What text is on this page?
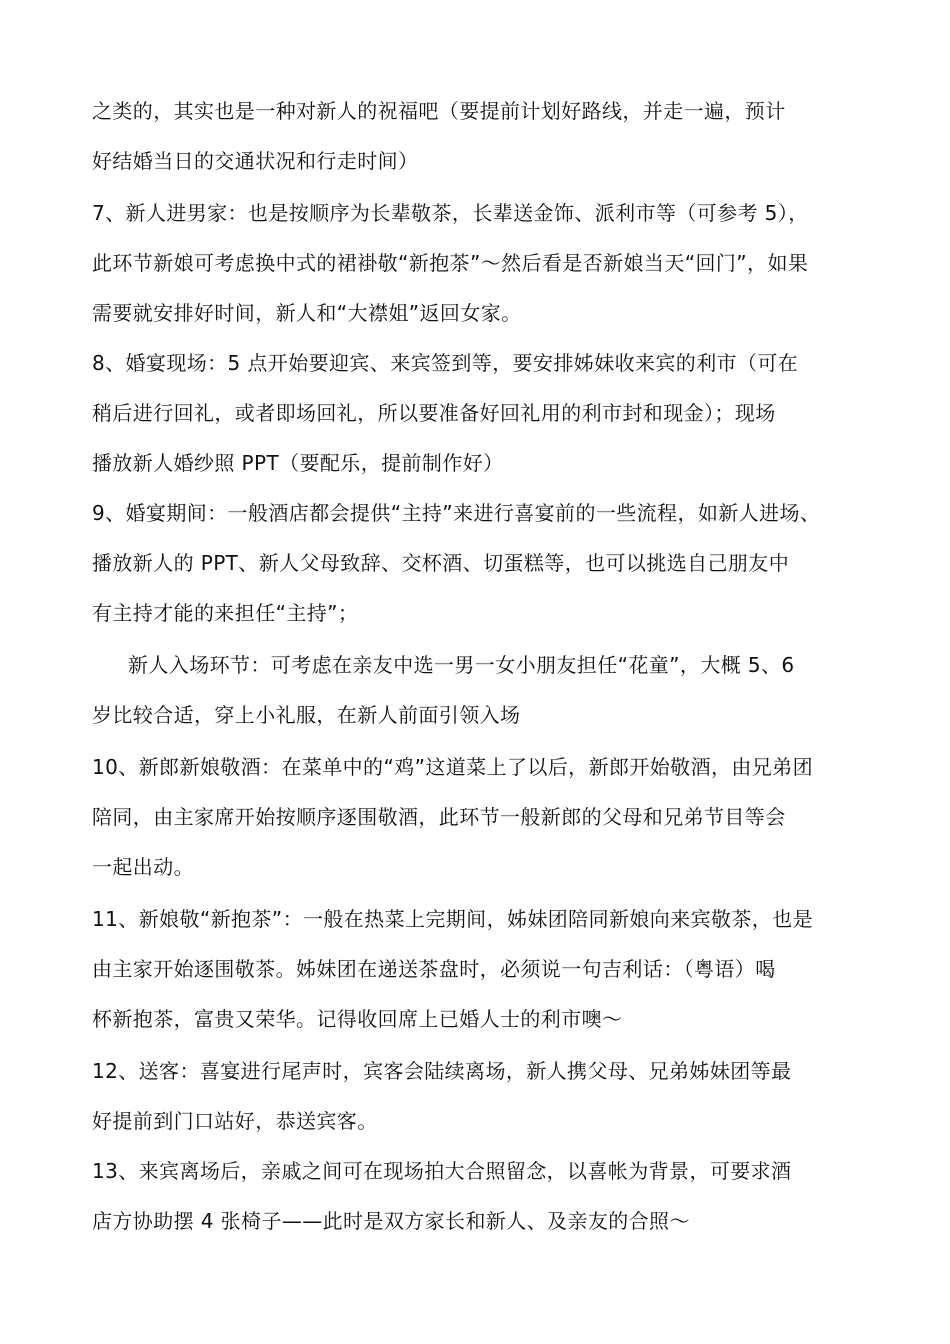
之类的，其实也是一种对新人的祝福吧（要提前计划好路线，并走一遍，预计
好结婚当日的交通状况和行走时间）
7、新人进男家：也是按顺序为长辈敬茶，长辈送金饰、派利市等（可参考 5），
此环节新娘可考虑换中式的裙褂敬“新抱茶”～然后看是否新娘当天“回门”，如果
需要就安排好时间，新人和“大襟姐”返回女家。
8、婚宴现场：5 点开始要迎宾、来宾签到等，要安排姊妹收来宾的利市（可在
稍后进行回礼，或者即场回礼，所以要准备好回礼用的利市封和现金）；现场
播放新人婚纱照 PPT（要配乐，提前制作好）
9、婚宴期间：一般酒店都会提供“主持”来进行喜宴前的一些流程，如新人进场、
播放新人的 PPT、新人父母致辞、交杯酒、切蛋糕等，也可以挑选自己朋友中
有主持才能的来担任“主持”；
新人入场环节：可考虑在亲友中选一男一女小朋友担任“花童”，大概 5、6
岁比较合适，穿上小礼服，在新人前面引领入场
10、新郎新娘敬酒：在菜单中的“鸡”这道菜上了以后，新郎开始敬酒，由兄弟团
陪同，由主家席开始按顺序逐围敬酒，此环节一般新郎的父母和兄弟节目等会
一起出动。
11、新娘敬“新抱茶”：一般在热菜上完期间，姊妹团陪同新娘向来宾敬茶，也是
由主家开始逐围敬茶。姊妹团在递送茶盘时，必须说一句吉利话：（粤语）喝
杯新抱茶，富贵又荣华。记得收回席上已婚人士的利市噢～
12、送客：喜宴进行尾声时，宾客会陆续离场，新人携父母、兄弟姊妹团等最
好提前到门口站好，恭送宾客。
13、来宾离场后，亲戚之间可在现场拍大合照留念，以喜帐为背景，可要求酒
店方协助摆 4 张椅子——此时是双方家长和新人、及亲友的合照～
